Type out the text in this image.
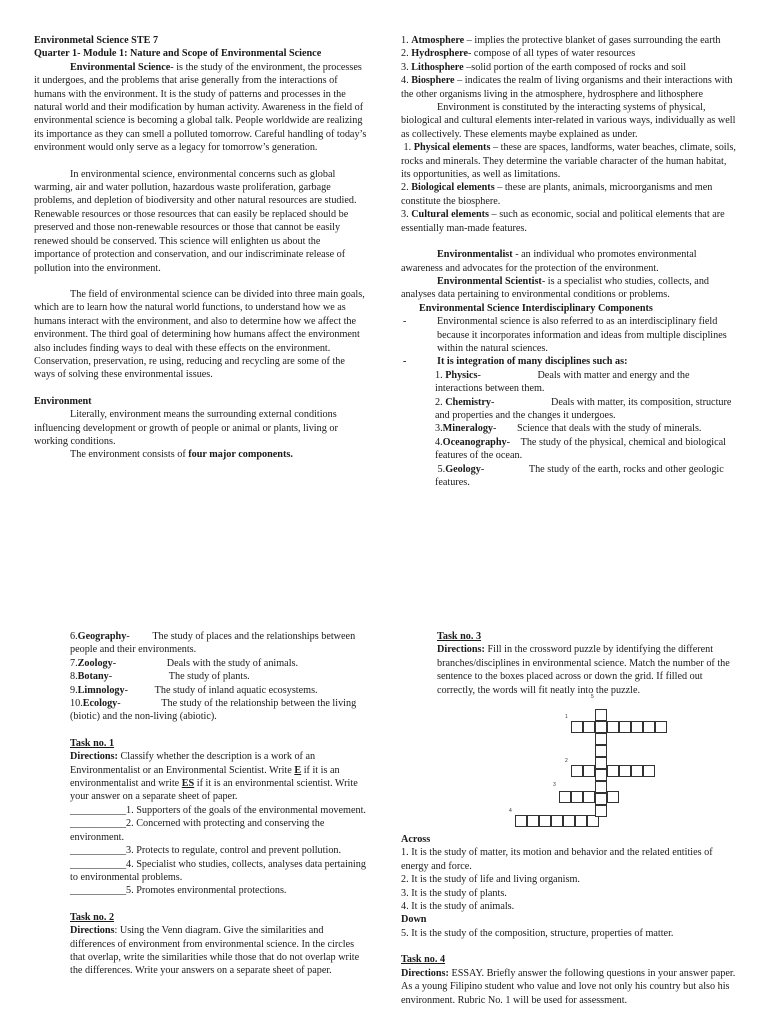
Environmetal Science STE 7

Quarter 1- Module 1: Nature and Scope of Environmental Science

Environmental Science- is the study of the environment, the processes it undergoes, and the problems that arise generally from the interactions of humans with the environment. It is the study of patterns and processes in the natural world and their modification by human activity. Awareness in the field of environmental science is becoming a global talk. People worldwide are realizing its importance as they can smell a polluted tomorrow. Careful handling of today’s environment would only serve as a legacy for tomorrow’s generation.

In environmental science, environmental concerns such as global warming, air and water pollution, hazardous waste proliferation, garbage problems, and depletion of biodiversity and other natural resources are studied. Renewable resources or those resources that can easily be replaced should be preserved and those non-renewable resources or those that cannot be easily renewed should be conserved. This science will enlighten us about the importance of protection and conservation, and our indiscriminate release of pollution into the environment.

The field of environmental science can be divided into three main goals, which are to learn how the natural world functions, to understand how we as humans interact with the environment, and also to determine how we affect the environment. The third goal of determining how humans affect the environment also includes finding ways to deal with these effects on the environment. Conservation, preservation, re using, reducing and recycling are some of the ways of solving these environmental issues.

Environment

Literally, environment means the surrounding external conditions influencing development or growth of people or animal or plants, living or working conditions.

The environment consists of four major components.

1. Atmosphere – implies the protective blanket of gases surrounding the earth

2. Hydrosphere- compose of all types of water resources

3. Lithosphere –solid portion of the earth composed of rocks and soil

4. Biosphere – indicates the realm of living organisms and their interactions with the other organisms living in the atmosphere, hydrosphere and lithosphere

Environment is constituted by the interacting systems of physical, biological and cultural elements inter-related in various ways, individually as well as collectively. These elements maybe explained as under.

1. Physical elements – these are spaces, landforms, water beaches, climate, soils, rocks and minerals. They determine the variable character of the human habitat, its opportunities, as well as limitations.

2. Biological elements – these are plants, animals, microorganisms and men constitute the biosphere.

3. Cultural elements – such as economic, social and political elements that are essentially man-made features.

Environmentalist - an individual who promotes environmental awareness and advocates for the protection of the environment.

Environmental Scientist- is a specialist who studies, collects, and analyses data pertaining to environmental conditions or problems.

Environmental Science Interdisciplinary Components

-	Environmental science is also referred to as an interdisciplinary field because it incorporates information and ideas from multiple disciplines within the natural sciences.

-	It is integration of many disciplines such as:

1. Physics-	Deals with matter and energy and the interactions between them.

2. Chemistry-	Deals with matter, its composition, structure and properties and the changes it undergoes.

3.Mineralogy- Science that deals with the study of minerals.

4.Oceanography- The study of the physical, chemical and biological features of the ocean.

5.Geology-	The study of the earth, rocks and other geologic features.

6.Geography- The study of places and the relationships between people and their environments.

7.Zoology-	Deals with the study of animals.

8.Botany-	The study of plants.

9.Limnology-	The study of inland aquatic ecosystems.

10.Ecology-	The study of the relationship between the living (biotic) and the non-living (abiotic).

Task no. 1

Directions: Classify whether the description is a work of an Environmentalist or an Environmental Scientist. Write E if it is an environmentalist and write ES if it is an environmental scientist. Write your answer on a separate sheet of paper.

___________1. Supporters of the goals of the environmental movement.

___________2. Concerned with protecting and conserving the environment.

___________3. Protects to regulate, control and prevent pollution.

___________4. Specialist who studies, collects, analyses data pertaining to environmental problems.

___________5. Promotes environmental protections.

Task no. 2

Directions: Using the Venn diagram. Give the similarities and differences of environment from environmental science. In the circles that overlap, write the similarities while those that do not overlap write the differences. Write your answers on a separate sheet of paper.

Task no. 3

Directions: Fill in the crossword puzzle by identifying the different branches/disciplines in environmental science. Match the number of the sentence to the boxes placed across or down the grid. If filled out correctly, the words will fit neatly into the puzzle.

5
1
2
3
4

Across

1. It is the study of matter, its motion and behavior and the related entities of energy and force.

2. It is the study of life and living organism.

3. It is the study of plants.

4. It is the study of animals.

Down

5. It is the study of the composition, structure, properties of matter.

Task no. 4

Directions: ESSAY. Briefly answer the following questions in your answer paper. As a young Filipino student who value and love not only his country but also his environment. Rubric No. 1 will be used for assessment.
